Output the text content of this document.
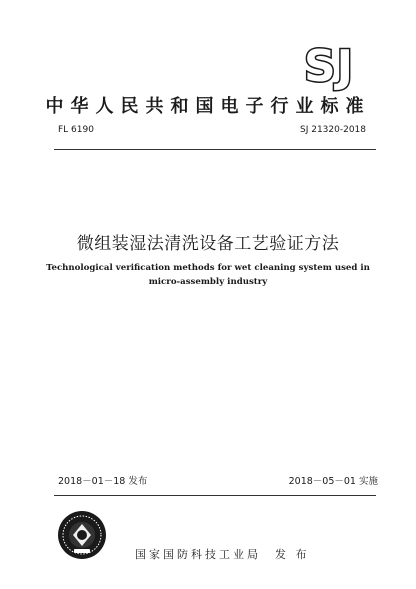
SJ
中华人民共和国电子行业标准
FL 6190	SJ 21320-2018
微组装湿法清洗设备工艺验证方法
Technological verification methods for wet cleaning system used in
micro-assembly industry
2018－01－18 发布	2018－05－01 实施
国家国防科技工业局　发 布
